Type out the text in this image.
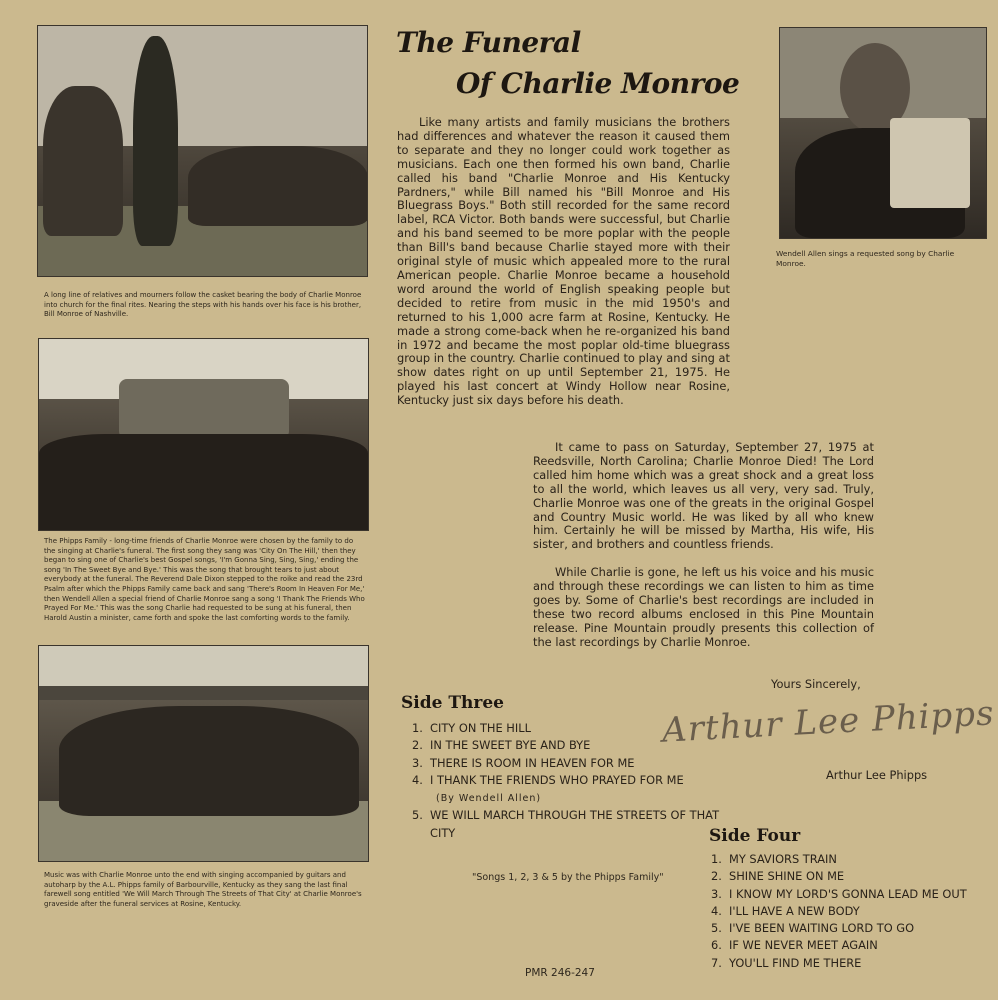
A long line of relatives and mourners follow the casket bearing the body of Charlie Monroe into church for the final rites. Nearing the steps with his hands over his face is his brother, Bill Monroe of Nashville.

The Phipps Family - long-time friends of Charlie Monroe were chosen by the family to do the singing at Charlie's funeral. The first song they sang was 'City On The Hill,' then they began to sing one of Charlie's best Gospel songs, 'I'm Gonna Sing, Sing, Sing,' ending the song 'In The Sweet Bye and Bye.' This was the song that brought tears to just about everybody at the funeral. The Reverend Dale Dixon stepped to the roike and read the 23rd Psalm after which the Phipps Family came back and sang 'There's Room In Heaven For Me,' then Wendell Allen a special friend of Charlie Monroe sang a song 'I Thank The Friends Who Prayed For Me.' This was the song Charlie had requested to be sung at his funeral, then Harold Austin a minister, came forth and spoke the last comforting words to the family.

Music was with Charlie Monroe unto the end with singing accompanied by guitars and autoharp by the A.L. Phipps family of Barbourville, Kentucky as they sang the last final farewell song entitled 'We Will March Through The Streets of That City' at Charlie Monroe's graveside after the funeral services at Rosine, Kentucky.

Wendell Allen sings a requested song by Charlie Monroe.

The Funeral
Of Charlie Monroe

Like many artists and family musicians the brothers had differences and whatever the reason it caused them to separate and they no longer could work together as musicians. Each one then formed his own band, Charlie called his band "Charlie Monroe and His Kentucky Pardners," while Bill named his "Bill Monroe and His Bluegrass Boys." Both still recorded for the same record label, RCA Victor. Both bands were successful, but Charlie and his band seemed to be more poplar with the people than Bill's band because Charlie stayed more with their original style of music which appealed more to the rural American people. Charlie Monroe became a household word around the world of English speaking people but decided to retire from music in the mid 1950's and returned to his 1,000 acre farm at Rosine, Kentucky. He made a strong come-back when he re-organized his band in 1972 and became the most poplar old-time bluegrass group in the country. Charlie continued to play and sing at show dates right on up until September 21, 1975. He played his last concert at Windy Hollow near Rosine, Kentucky just six days before his death.

It came to pass on Saturday, September 27, 1975 at Reedsville, North Carolina; Charlie Monroe Died! The Lord called him home which was a great shock and a great loss to all the world, which leaves us all very, very sad. Truly, Charlie Monroe was one of the greats in the original Gospel and Country Music world. He was liked by all who knew him. Certainly he will be missed by Martha, His wife, His sister, and brothers and countless friends.

While Charlie is gone, he left us his voice and his music and through these recordings we can listen to him as time goes by. Some of Charlie's best recordings are included in these two record albums enclosed in this Pine Mountain release. Pine Mountain proudly presents this collection of the last recordings by Charlie Monroe.

Yours Sincerely,

Arthur Lee Phipps

Arthur Lee Phipps

Side Three
1. CITY ON THE HILL
2. IN THE SWEET BYE AND BYE
3. THERE IS ROOM IN HEAVEN FOR ME
4. I THANK THE FRIENDS WHO PRAYED FOR ME
(By Wendell Allen)
5. WE WILL MARCH THROUGH THE STREETS OF THAT
CITY

"Songs 1, 2, 3 & 5 by the Phipps Family"

Side Four
1. MY SAVIORS TRAIN
2. SHINE SHINE ON ME
3. I KNOW MY LORD'S GONNA LEAD ME OUT
4. I'LL HAVE A NEW BODY
5. I'VE BEEN WAITING LORD TO GO
6. IF WE NEVER MEET AGAIN
7. YOU'LL FIND ME THERE

PMR 246-247
